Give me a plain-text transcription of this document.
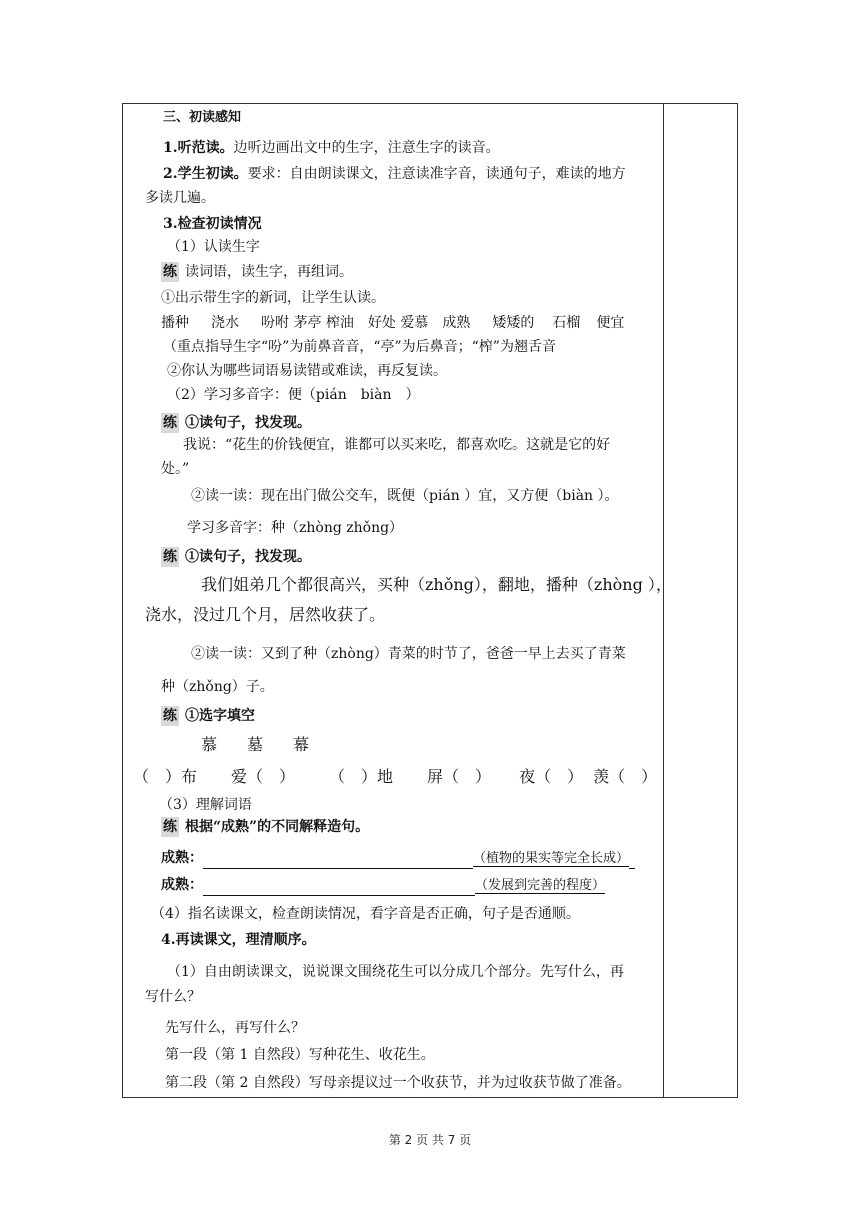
三、初读感知
1.听范读。边听边画出文中的生字，注意生字的读音。
2.学生初读。要求：自由朗读课文，注意读准字音，读通句子，难读的地方
多读几遍。
3.检查初读情况
（1）认读生字
练 读词语，读生字，再组词。
①出示带生字的新词，让学生认读。
播种 浇水 吩咐 茅亭 榨油 好处 爱慕 成熟 矮矮的 石榴 便宜
（重点指导生字“吩”为前鼻音音，“亭”为后鼻音；“榨”为翘舌音
②你认为哪些词语易读错或难读，再反复读。
（2）学习多音字：便（pián　biàn　）
练 ①读句子，找发现。
我说：“花生的价钱便宜，谁都可以买来吃，都喜欢吃。这就是它的好
处。”
②读一读：现在出门做公交车，既便（pián ）宜，又方便（biàn ）。
学习多音字：种（zhòng zhǒng）
练 ①读句子，找发现。
我们姐弟几个都很高兴，买种（zhǒng），翻地，播种（zhòng ），
浇水，没过几个月，居然收获了。
②读一读：又到了种（zhòng）青菜的时节了，爸爸一早上去买了青菜
种（zhǒng）子。
练 ①选字填空
慕 墓 幕
（　）布 爱（　） （　）地 屏（　） 夜（　） 羡（　）
（3）理解词语
练 根据“成熟”的不同解释造句。
成熟：	（植物的果实等完全长成）
成熟：	（发展到完善的程度）
（4）指名读课文，检查朗读情况，看字音是否正确，句子是否通顺。
4.再读课文，理清顺序。
（1）自由朗读课文，说说课文围绕花生可以分成几个部分。先写什么，再
写什么？
先写什么，再写什么？
第一段（第 1 自然段）写种花生、收花生。
第二段（第 2 自然段）写母亲提议过一个收获节，并为过收获节做了准备。
第 2 页 共 7 页
